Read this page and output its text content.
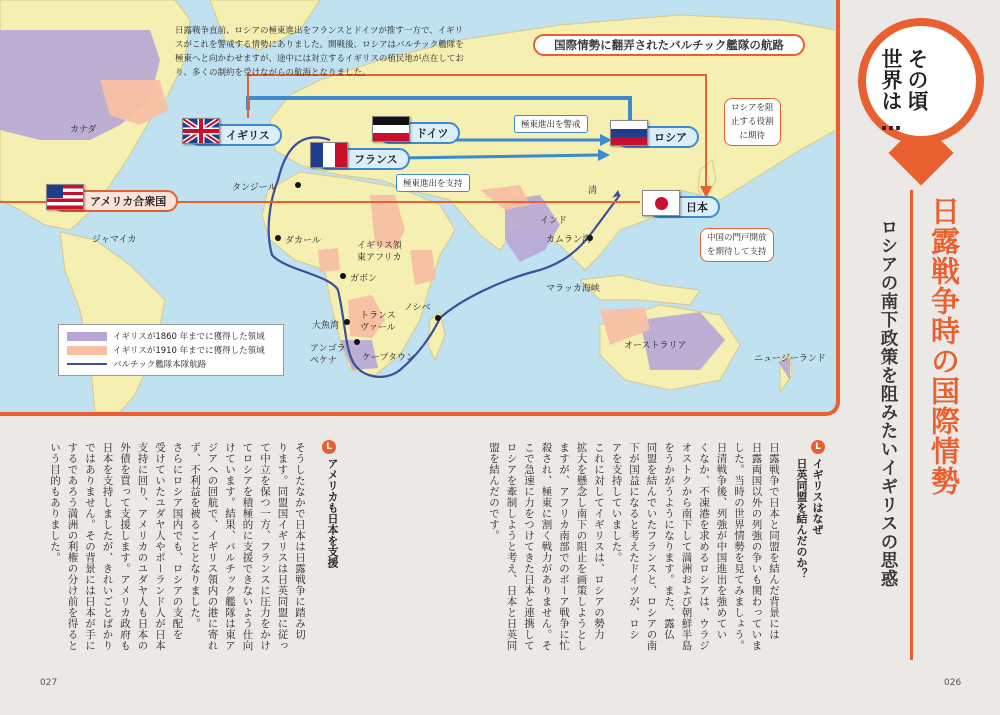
日露戦争直前、ロシアの極東進出をフランスとドイツが推す一方で、イギリスがこれを警戒する情勢にありました。開戦後、ロシアはバルチック艦隊を極東へと向かわせますが、途中には対立するイギリスの植民地が点在しており、多くの制約を受けながらの航海となりました。
国際情勢に翻弄されたバルチック艦隊の航路
イギリス
アメリカ合衆国
フランス
ドイツ	ロシア
日本
極東進出を警戒
極東進出を支持
ロシアを阻
止する役割
に期待
中国の門戸開放
を期待して支持
カナダ
ジャマイカ
タンジール
ダカール
ガボン
イギリス領
東アフリカ
大魚湾
トランス
ヴァール
アンゴラ
ペケナ	ケープタウン
ノシベ
清
インド
カムラン湾
マラッカ海峡
オーストラリア
ニュージーランド
イギリスが1860 年までに獲得した領域
イギリスが1910 年までに獲得した領域
バルチック艦隊本隊航路
その頃
世界は…
日露戦争時の国際情勢
ロシアの南下政策を阻みたいイギリスの思惑
L
イギリスはなぜ
日英同盟を結んだのか？

日露戦争で日本と同盟を結んだ背景には
日露両国以外の列強の争いも関わっていま
した。当時の世界情勢を見てみましょう。
日清戦争後、列強が中国進出を強めてい
くなか、不凍港を求めるロシアは、ウラジ
オストクから南下して満洲および朝鮮半島
をうかがうようになります。また、露仏
同盟を結んでいたフランスと、ロシアの南
下が国益になると考えたドイツが、ロシ
アを支持していました。
これに対してイギリスは、ロシアの勢力
拡大を懸念し南下の阻止を画策しようとし
ますが、アフリカ南部でのボーア戦争に忙
殺され、極東に割く戦力がありません。そ
こで急速に力をつけてきた日本と連携して
ロシアを牽制しようと考え、日本と日英同
盟を結んだのです。

L
アメリカも日本を支援

そうしたなかで日本は日露戦争に踏み切
ります。同盟国イギリスは日英同盟に従っ
て中立を保つ一方、フランスに圧力をかけ
てロシアを積極的に支援できないよう仕向
けています。結果、バルチック艦隊は東ア
ジアへの回航で、イギリス領内の港に寄れ
ず、不利益を被ることとなりました。
さらにロシア国内でも、ロシアの支配を
受けていたユダヤ人やポーランド人が日本
支持に回り、アメリカのユダヤ人も日本の
外債を買って支援します。アメリカ政府も
日本を支持しましたが、きれいごとばかり
ではありません。その背景には日本が手に
するであろう満洲の利権の分け前を得ると
いう目的もありました。

027	026
